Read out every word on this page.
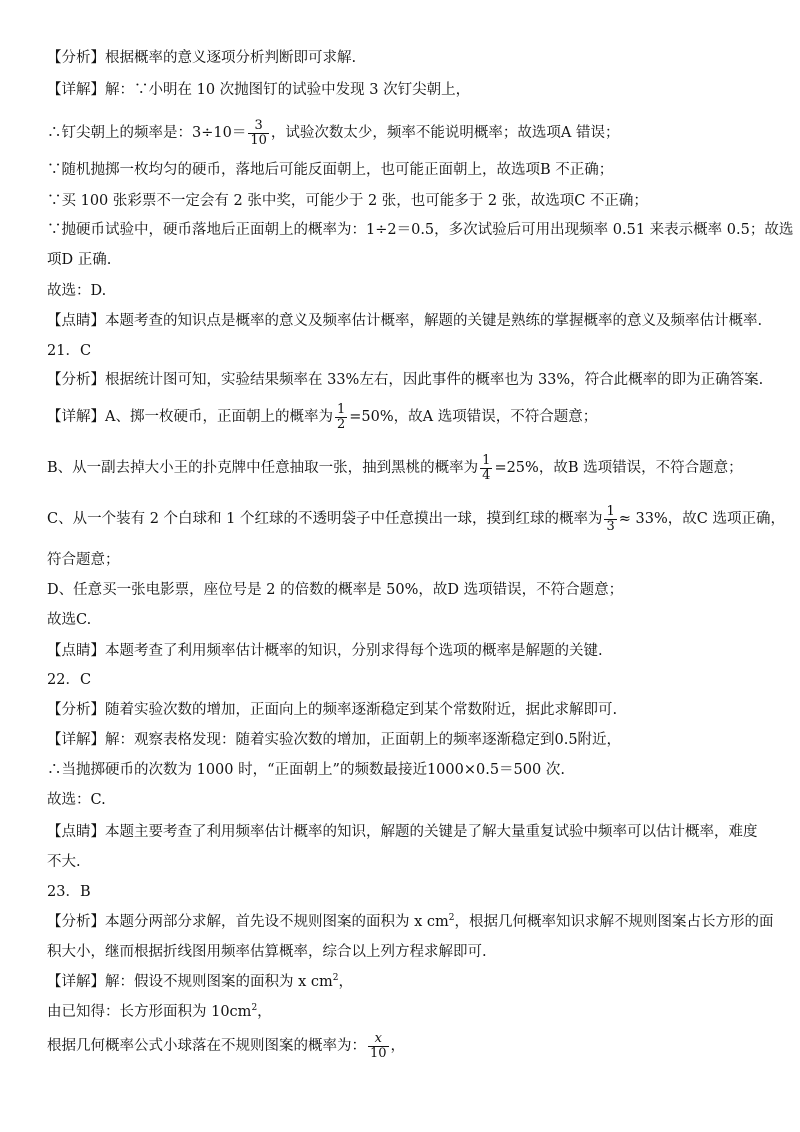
【分析】根据概率的意义逐项分析判断即可求解.
【详解】解：∵小明在 10 次抛图钉的试验中发现 3 次钉尖朝上，
∴钉尖朝上的频率是：$3\div 10= \frac{3}{10}$ ，试验次数太少，频率不能说明概率；故选项A 错误；
∵随机抛掷一枚均匀的硬币，落地后可能反面朝上，也可能正面朝上，故选项B 不正确；
∵买 100 张彩票不一定会有 2 张中奖，可能少于 2 张，也可能多于 2 张，故选项C 不正确；
∵抛硬币试验中，硬币落地后正面朝上的概率为：1÷2＝0.5，多次试验后可用出现频率 0.51 来表示概率 0.5；故选
项D 正确.
故选：D.
【点睛】本题考查的知识点是概率的意义及频率估计概率，解题的关键是熟练的掌握概率的意义及频率估计概率.
21．C
【分析】根据统计图可知，实验结果频率在 33%左右，因此事件的概率也为 33%，符合此概率的即为正确答案.
【详解】A、掷一枚硬币，正面朝上的概率为 $\frac{1}{2} =50\%$，故A 选项错误，不符合题意；
B、从一副去掉大小王的扑克牌中任意抽取一张，抽到黑桃的概率为 $\frac{1}{4} =25\%$，故B 选项错误，不符合题意；
C、从一个装有 2 个白球和 1 个红球的不透明袋子中任意摸出一球，摸到红球的概率为 $\frac{1}{3} \approx 33\%$，故C 选项正确，
符合题意；
D、任意买一张电影票，座位号是 2 的倍数的概率是 50%，故D 选项错误，不符合题意；
故选C.
【点睛】本题考查了利用频率估计概率的知识，分别求得每个选项的概率是解题的关键.
22．C
【分析】随着实验次数的增加，正面向上的频率逐渐稳定到某个常数附近，据此求解即可.
【详解】解：观察表格发现：随着实验次数的增加，正面朝上的频率逐渐稳定到0.5附近，
∴当抛掷硬币的次数为 1000 时，“正面朝上”的频数最接近1000×0.5＝500 次.
故选：C.
【点睛】本题主要考查了利用频率估计概率的知识，解题的关键是了解大量重复试验中频率可以估计概率，难度
不大.
23．B
【分析】本题分两部分求解，首先设不规则图案的面积为 x $cm^2$，根据几何概率知识求解不规则图案占长方形的面
积大小，继而根据折线图用频率估算概率，综合以上列方程求解即可.
【详解】解：假设不规则图案的面积为 x $cm^2$，
由已知得：长方形面积为 $10cm^2$，
根据几何概率公式小球落在不规则图案的概率为： $\frac{x}{10}$ ，
